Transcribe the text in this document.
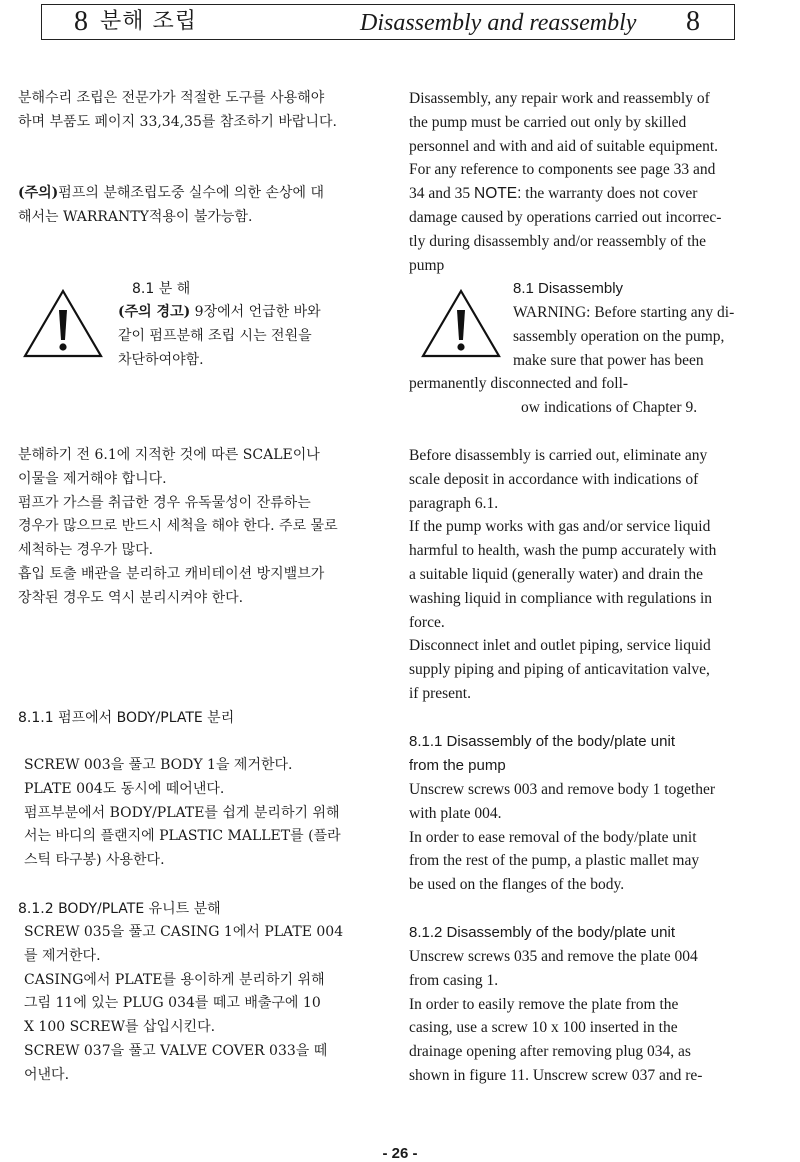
8 분해 조립	Disassembly and reassembly 8

분해수리 조립은 전문가가 적절한 도구를 사용해야

하며 부품도 페이지 33,34,35를 참조하기 바랍니다.

(주의)펌프의 분해조립도중 실수에 의한 손상에 대

해서는 WARRANTY적용이 불가능함.

8.1 분 해

(주의 경고) 9장에서 언급한 바와

같이 펌프분해 조립 시는 전원을

차단하여야함.

분해하기 전 6.1에 지적한 것에 따른 SCALE이나

이물을 제거해야 합니다.

펌프가 가스를 취급한 경우 유독물성이 잔류하는

경우가 많으므로 반드시 세척을 해야 한다. 주로 물로

세척하는 경우가 많다.

흡입 토출 배관을 분리하고 캐비테이션 방지밸브가

장착된 경우도 역시 분리시켜야 한다.

8.1.1 펌프에서 BODY/PLATE 분리

SCREW 003을 풀고 BODY 1을 제거한다.

PLATE 004도 동시에 떼어낸다.

펌프부분에서 BODY/PLATE를 쉽게 분리하기 위해

서는 바디의 플랜지에 PLASTIC MALLET를 (플라

스틱 타구봉) 사용한다.

8.1.2 BODY/PLATE 유니트 분해

SCREW 035을 풀고 CASING 1에서 PLATE 004

를 제거한다.

CASING에서 PLATE를 용이하게 분리하기 위해

그림 11에 있는 PLUG 034를 떼고 배출구에 10

X 100 SCREW를 삽입시킨다.

SCREW 037을 풀고 VALVE COVER 033을 떼

어낸다.

Disassembly, any repair work and reassembly of

the pump must be carried out only by skilled

personnel and with and aid of suitable equipment.

For any reference to components see page 33 and

34 and 35 NOTE: the warranty does not cover

damage caused by operations carried out incorrec-

tly during disassembly and/or reassembly of the

pump

8.1 Disassembly

WARNING: Before starting any di-

sassembly operation on the pump,

make sure that power has been

permanently disconnected and foll-

ow indications of Chapter 9.

Before disassembly is carried out, eliminate any

scale deposit in accordance with indications of

paragraph 6.1.

If the pump works with gas and/or service liquid

harmful to health, wash the pump accurately with

a suitable liquid (generally water) and drain the

washing liquid in compliance with regulations in

force.

Disconnect inlet and outlet piping, service liquid

supply piping and piping of anticavitation valve,

if present.

8.1.1 Disassembly of the body/plate unit

from the pump

Unscrew screws 003 and remove body 1 together

with plate 004.

In order to ease removal of the body/plate unit

from the rest of the pump, a plastic mallet may

be used on the flanges of the body.

8.1.2 Disassembly of the body/plate unit

Unscrew screws 035 and remove the plate 004

from casing 1.

In order to easily remove the plate from the

casing, use a screw 10 x 100 inserted in the

drainage opening after removing plug 034, as

shown in figure 11. Unscrew screw 037 and re-

- 26 -
